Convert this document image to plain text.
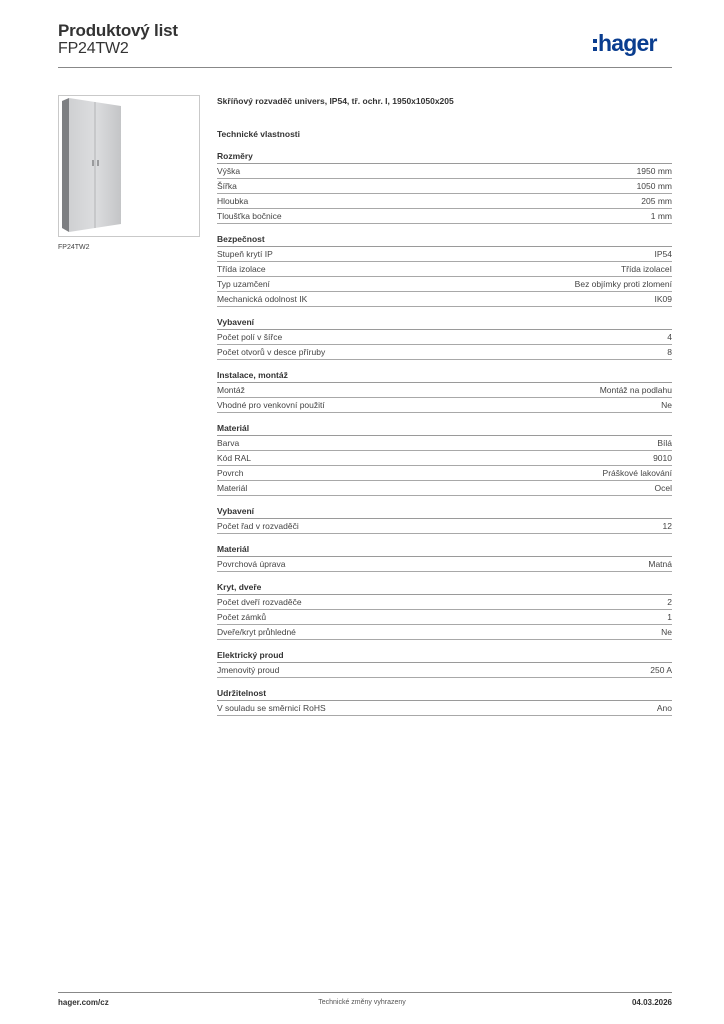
Produktový list
FP24TW2	hager
FP24TW2
Skříňový rozvaděč univers, IP54, tř. ochr. I, 1950x1050x205
Technické vlastnosti
Rozměry
Výška	1950 mm
Šířka	1050 mm
Hloubka	205 mm
Tloušťka bočnice	1 mm
Bezpečnost
Stupeň krytí IP	IP54
Třída izolace	Třída izolaceI
Typ uzamčení	Bez objímky proti zlomení
Mechanická odolnost IK	IK09
Vybavení
Počet polí v šířce	4
Počet otvorů v desce příruby	8
Instalace, montáž
Montáž	Montáž na podlahu
Vhodné pro venkovní použití	Ne
Materiál
Barva	Bílá
Kód RAL	9010
Povrch	Práškové lakování
Materiál	Ocel
Vybavení
Počet řad v rozvaděči	12
Materiál
Povrchová úprava	Matná
Kryt, dveře
Počet dveří rozvaděče	2
Počet zámků	1
Dveře/kryt průhledné	Ne
Elektrický proud
Jmenovitý proud	250 A
Udržitelnost
V souladu se směrnicí RoHS	Ano
hager.com/cz	Technické změny vyhrazeny	04.03.2026
